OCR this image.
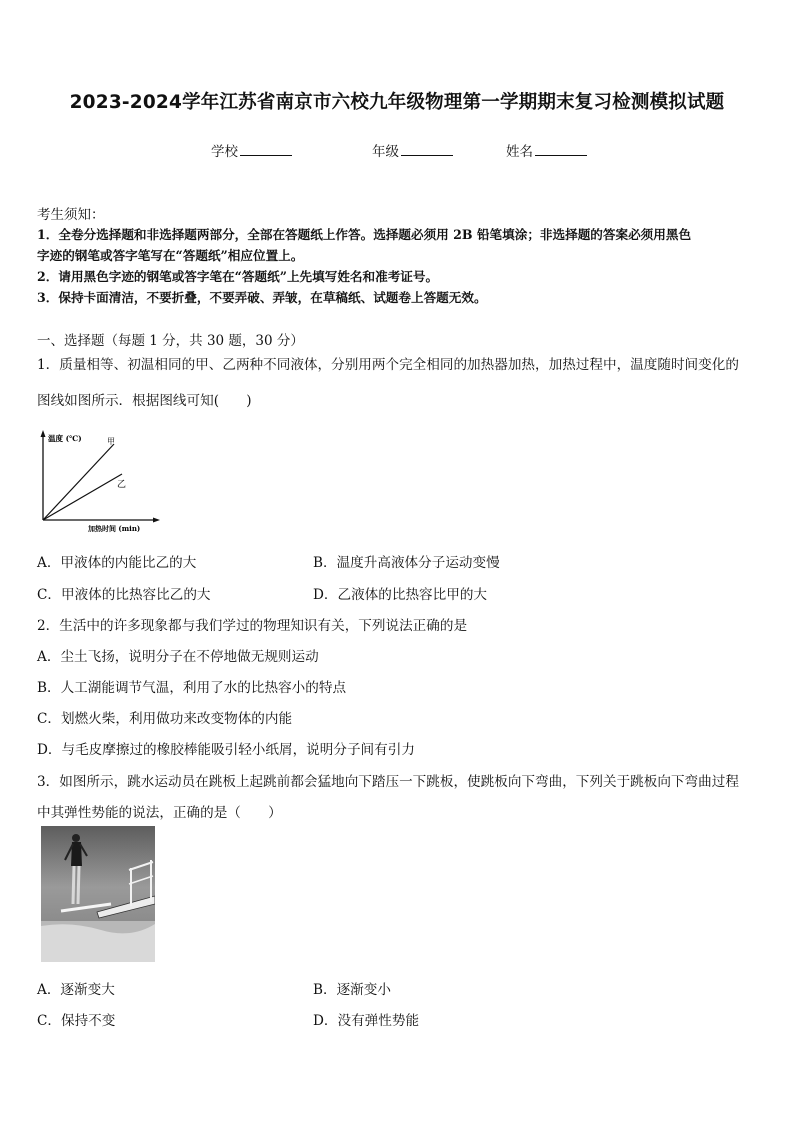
2023-2024学年江苏省南京市六校九年级物理第一学期期末复习检测模拟试题
学校	年级	姓名
考生须知：
1．全卷分选择题和非选择题两部分，全部在答题纸上作答。选择题必须用 2B 铅笔填涂；非选择题的答案必须用黑色
字迹的钢笔或答字笔写在“答题纸”相应位置上。
2．请用黑色字迹的钢笔或答字笔在“答题纸”上先填写姓名和准考证号。
3．保持卡面清洁，不要折叠，不要弄破、弄皱，在草稿纸、试题卷上答题无效。
一、选择题（每题 1 分，共 30 题，30 分）
1．质量相等、初温相同的甲、乙两种不同液体，分别用两个完全相同的加热器加热，加热过程中，温度随时间变化的
图线如图所示．根据图线可知(　　)
温度 (℃)	甲
乙
加热时间 (min)
A．甲液体的内能比乙的大	B．温度升高液体分子运动变慢
C．甲液体的比热容比乙的大	D．乙液体的比热容比甲的大
2．生活中的许多现象都与我们学过的物理知识有关，下列说法正确的是
A．尘土飞扬，说明分子在不停地做无规则运动
B．人工湖能调节气温，利用了水的比热容小的特点
C．划燃火柴，利用做功来改变物体的内能
D．与毛皮摩擦过的橡胶棒能吸引轻小纸屑，说明分子间有引力
3．如图所示，跳水运动员在跳板上起跳前都会猛地向下踏压一下跳板，使跳板向下弯曲，下列关于跳板向下弯曲过程
中其弹性势能的说法，正确的是（　　）
A．逐渐变大	B．逐渐变小
C．保持不变	D．没有弹性势能
